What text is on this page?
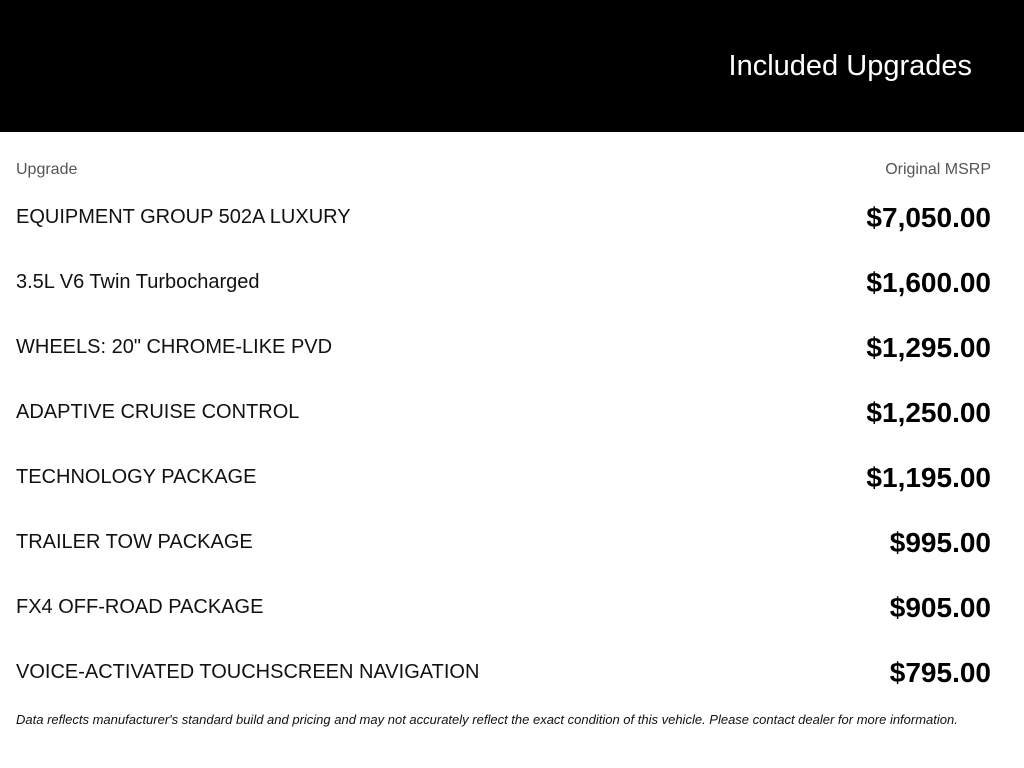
Included Upgrades
Upgrade	Original MSRP
EQUIPMENT GROUP 502A LUXURY	$7,050.00
3.5L V6 Twin Turbocharged	$1,600.00
WHEELS: 20" CHROME-LIKE PVD	$1,295.00
ADAPTIVE CRUISE CONTROL	$1,250.00
TECHNOLOGY PACKAGE	$1,195.00
TRAILER TOW PACKAGE	$995.00
FX4 OFF-ROAD PACKAGE	$905.00
VOICE-ACTIVATED TOUCHSCREEN NAVIGATION	$795.00
Data reflects manufacturer's standard build and pricing and may not accurately reflect the exact condition of this vehicle. Please contact dealer for more information.
